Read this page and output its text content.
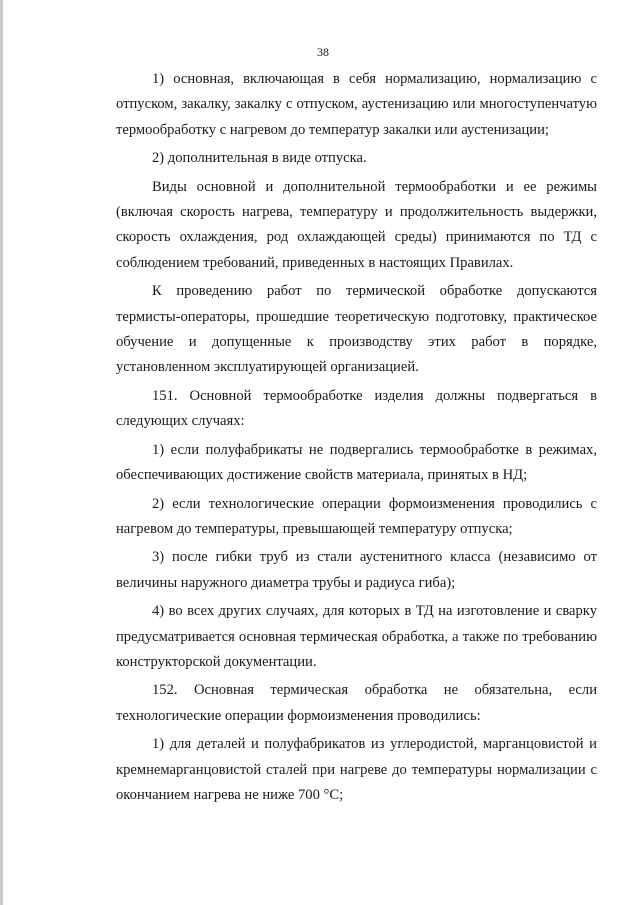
38

1) основная, включающая в себя нормализацию, нормализацию с отпуском, закалку, закалку с отпуском, аустенизацию или многоступенчатую термообработку с нагревом до температур закалки или аустенизации;

2) дополнительная в виде отпуска.

Виды основной и дополнительной термообработки и ее режимы (включая скорость нагрева, температуру и продолжительность выдержки, скорость охлаждения, род охлаждающей среды) принимаются по ТД с соблюдением требований, приведенных в настоящих Правилах.

К проведению работ по термической обработке допускаются термисты-операторы, прошедшие теоретическую подготовку, практическое обучение и допущенные к производству этих работ в порядке, установленном эксплуатирующей организацией.

151. Основной термообработке изделия должны подвергаться в следующих случаях:

1) если полуфабрикаты не подвергались термообработке в режимах, обеспечивающих достижение свойств материала, принятых в НД;

2) если технологические операции формоизменения проводились с нагревом до температуры, превышающей температуру отпуска;

3) после гибки труб из стали аустенитного класса (независимо от величины наружного диаметра трубы и радиуса гиба);

4) во всех других случаях, для которых в ТД на изготовление и сварку предусматривается основная термическая обработка, а также по требованию конструкторской документации.

152. Основная термическая обработка не обязательна, если технологические операции формоизменения проводились:

1) для деталей и полуфабрикатов из углеродистой, марганцовистой и кремнемарганцовистой сталей при нагреве до температуры нормализации с окончанием нагрева не ниже 700 °С;
